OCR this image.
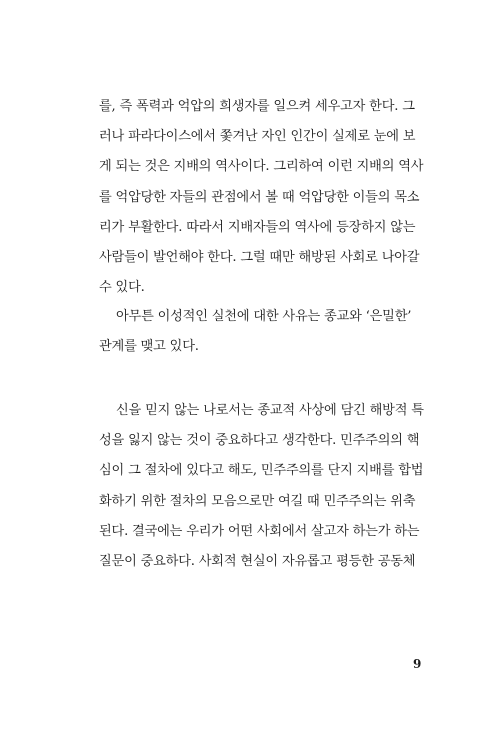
를, 즉 폭력과 억압의 희생자를 일으켜 세우고자 한다. 그
러나 파라다이스에서 쫓겨난 자인 인간이 실제로 눈에 보
게 되는 것은 지배의 역사이다. 그리하여 이런 지배의 역사
를 억압당한 자들의 관점에서 볼 때 억압당한 이들의 목소
리가 부활한다. 따라서 지배자들의 역사에 등장하지 않는
사람들이 발언해야 한다. 그럴 때만 해방된 사회로 나아갈
수 있다.
아무튼 이성적인 실천에 대한 사유는 종교와 ‘은밀한’
관계를 맺고 있다.
신을 믿지 않는 나로서는 종교적 사상에 담긴 해방적 특
성을 잃지 않는 것이 중요하다고 생각한다. 민주주의의 핵
심이 그 절차에 있다고 해도, 민주주의를 단지 지배를 합법
화하기 위한 절차의 모음으로만 여길 때 민주주의는 위축
된다. 결국에는 우리가 어떤 사회에서 살고자 하는가 하는
질문이 중요하다. 사회적 현실이 자유롭고 평등한 공동체
9
